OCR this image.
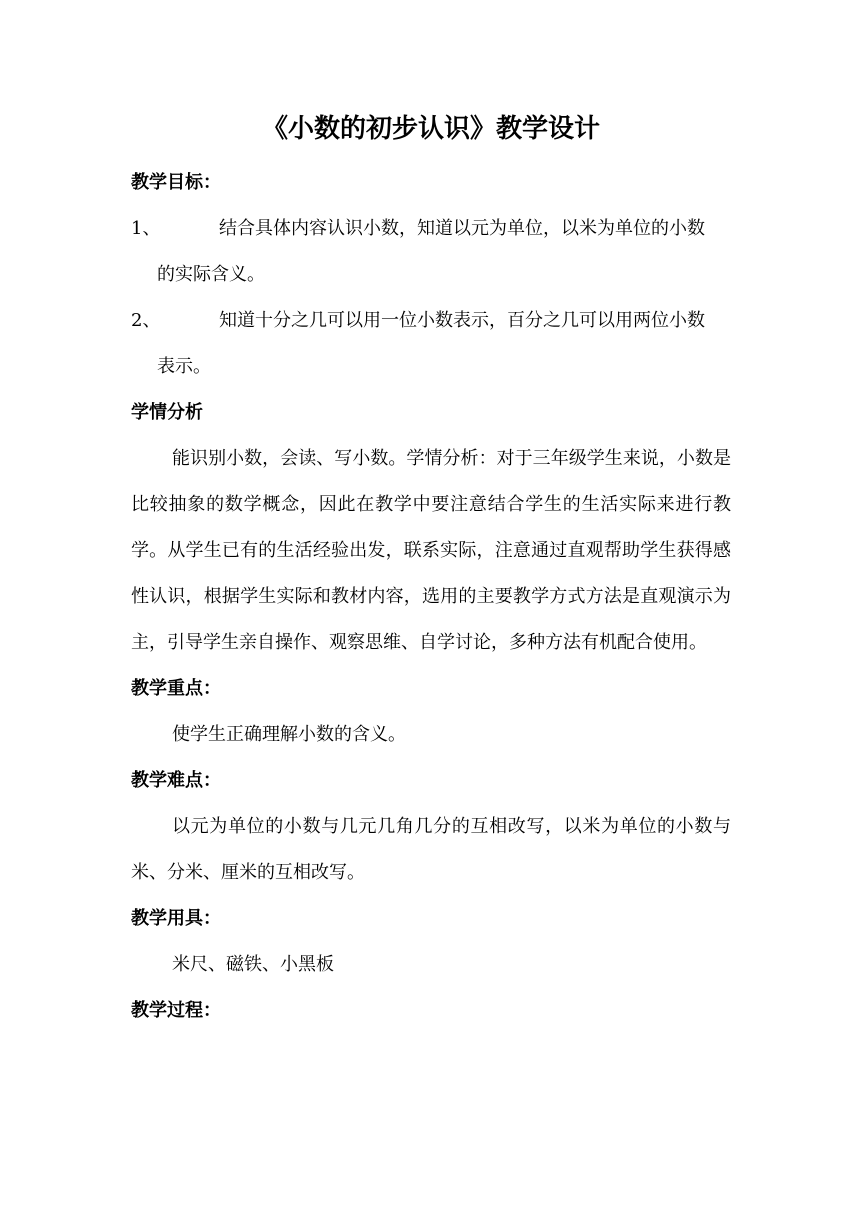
《小数的初步认识》教学设计
教学目标：
1、	结合具体内容认识小数，知道以元为单位，以米为单位的小数
的实际含义。
2、	知道十分之几可以用一位小数表示，百分之几可以用两位小数
表示。
学情分析
能识别小数，会读、写小数。学情分析：对于三年级学生来说，小数是比较抽象的数学概念，因此在教学中要注意结合学生的生活实际来进行教学。从学生已有的生活经验出发，联系实际，注意通过直观帮助学生获得感性认识，根据学生实际和教材内容，选用的主要教学方式方法是直观演示为主，引导学生亲自操作、观察思维、自学讨论，多种方法有机配合使用。
教学重点：
使学生正确理解小数的含义。
教学难点：
以元为单位的小数与几元几角几分的互相改写，以米为单位的小数与米、分米、厘米的互相改写。
教学用具：
米尺、磁铁、小黑板
教学过程：
